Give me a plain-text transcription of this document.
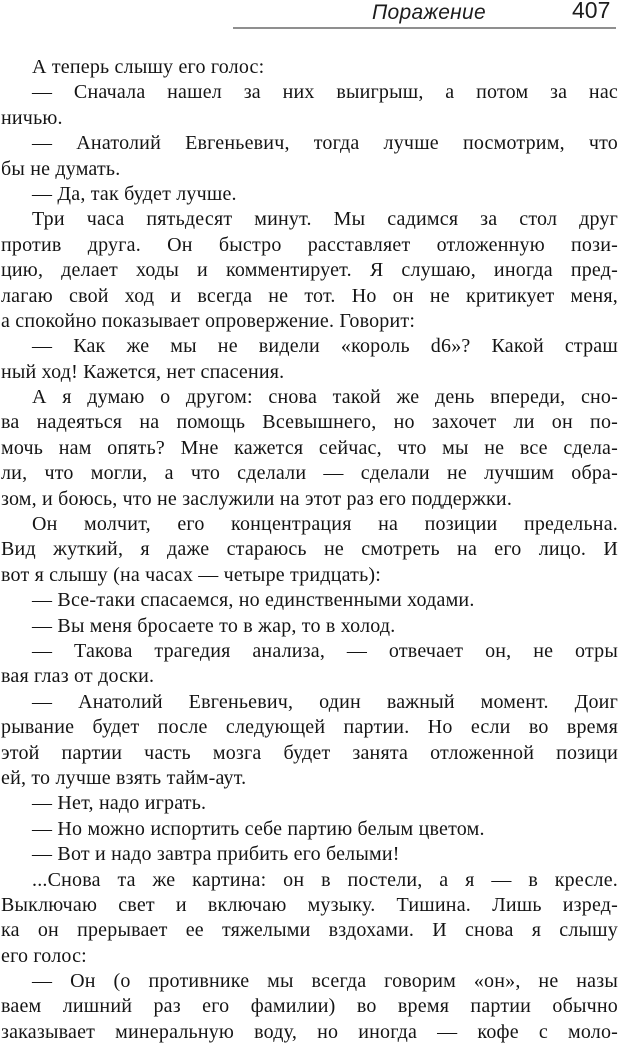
Поражение	407
А теперь слышу его голос:
— Сначала нашел за них выигрыш, а потом за нас
ничью.
— Анатолий Евгеньевич, тогда лучше посмотрим, что
бы не думать.
— Да, так будет лучше.
Три часа пятьдесят минут. Мы садимся за стол друг
против друга. Он быстро расставляет отложенную пози-
цию, делает ходы и комментирует. Я слушаю, иногда пред-
лагаю свой ход и всегда не тот. Но он не критикует меня,
а спокойно показывает опровержение. Говорит:
— Как же мы не видели «король d6»? Какой страш
ный ход! Кажется, нет спасения.
А я думаю о другом: снова такой же день впереди, сно-
ва надеяться на помощь Всевышнего, но захочет ли он по-
мочь нам опять? Мне кажется сейчас, что мы не все сдела-
ли, что могли, а что сделали — сделали не лучшим обра-
зом, и боюсь, что не заслужили на этот раз его поддержки.
Он молчит, его концентрация на позиции предельна.
Вид жуткий, я даже стараюсь не смотреть на его лицо. И
вот я слышу (на часах — четыре тридцать):
— Все-таки спасаемся, но единственными ходами.
— Вы меня бросаете то в жар, то в холод.
— Такова трагедия анализа, — отвечает он, не отры
вая глаз от доски.
— Анатолий Евгеньевич, один важный момент. Доиг
рывание будет после следующей партии. Но если во время
этой партии часть мозга будет занята отложенной позици
ей, то лучше взять тайм-аут.
— Нет, надо играть.
— Но можно испортить себе партию белым цветом.
— Вот и надо завтра прибить его белыми!
...Снова та же картина: он в постели, а я — в кресле.
Выключаю свет и включаю музыку. Тишина. Лишь изред-
ка он прерывает ее тяжелыми вздохами. И снова я слышу
его голос:
— Он (о противнике мы всегда говорим «он», не назы
ваем лишний раз его фамилии) во время партии обычно
заказывает минеральную воду, но иногда — кофе с моло-
